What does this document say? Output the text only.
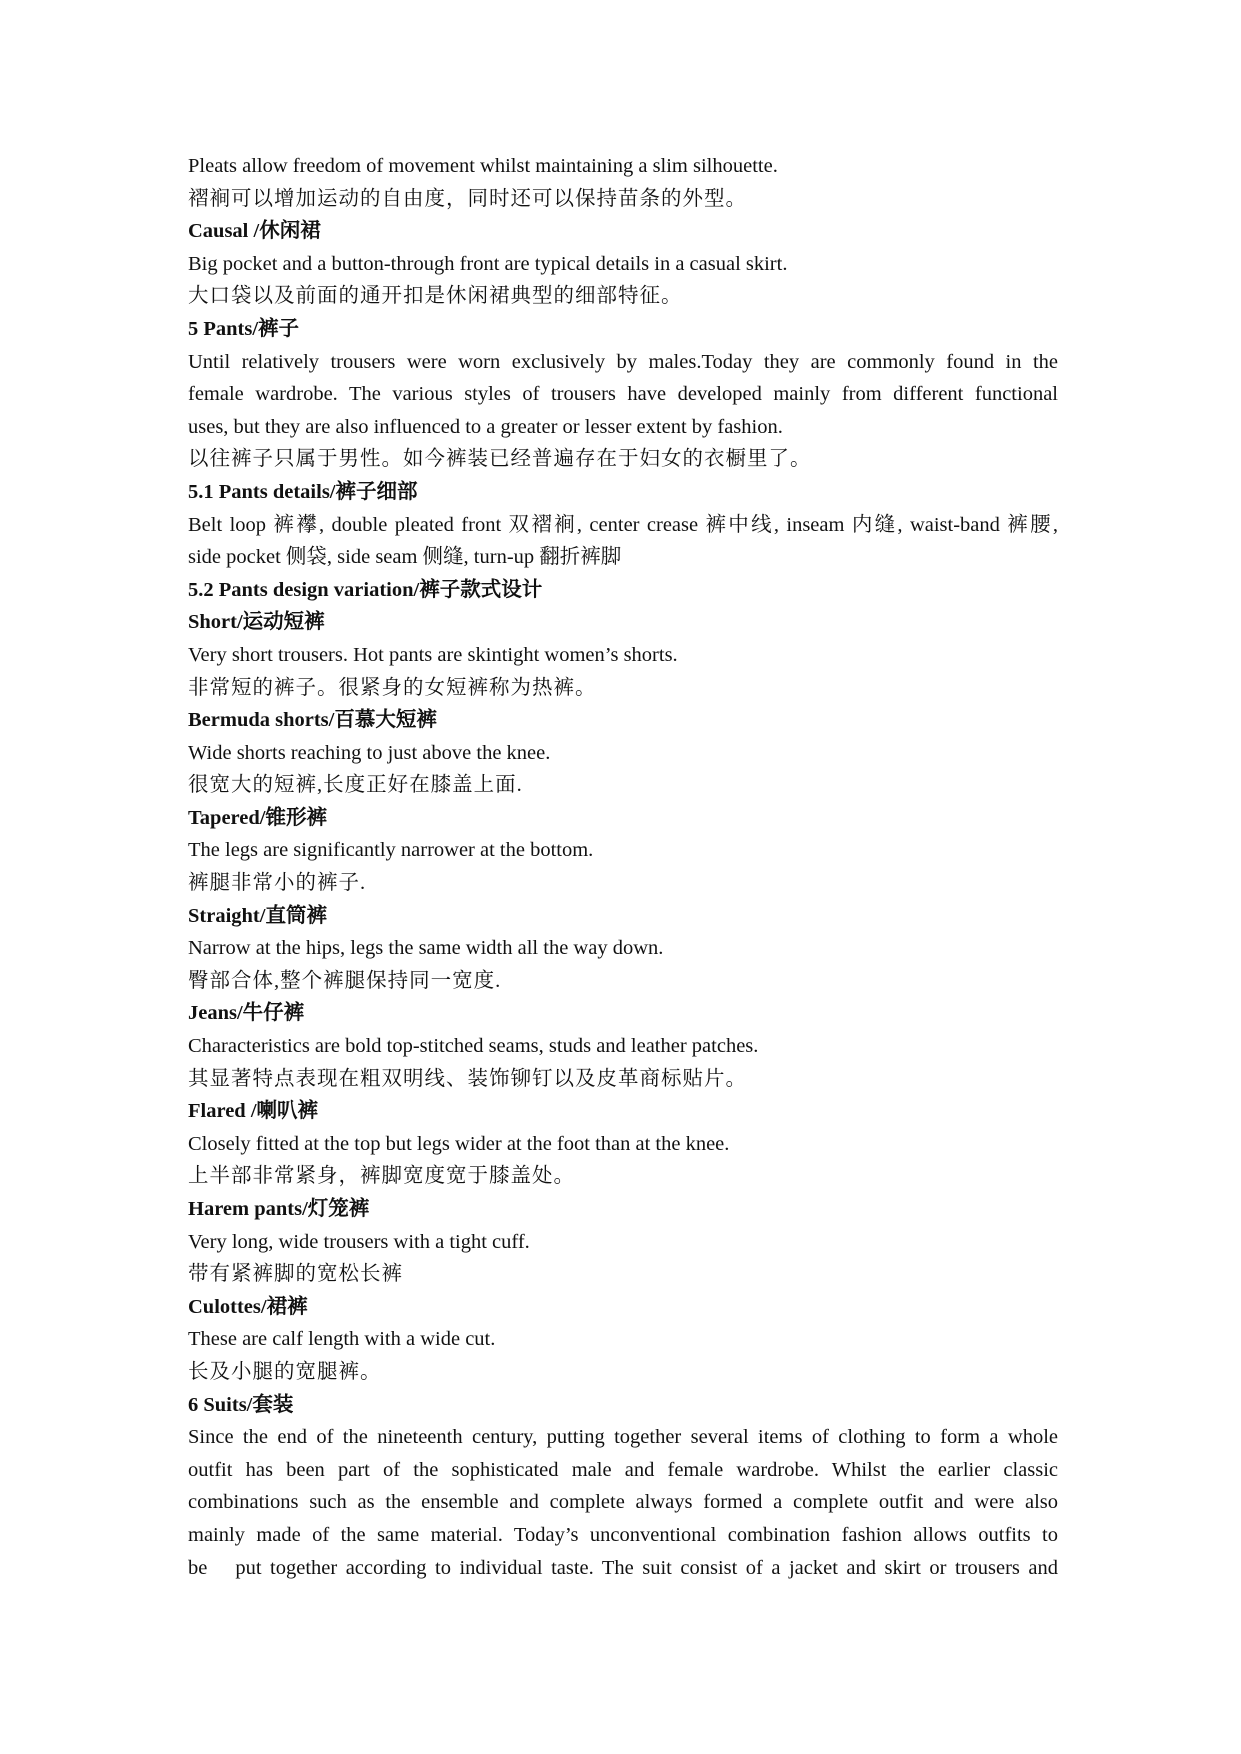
Pleats allow freedom of movement whilst maintaining a slim silhouette.
褶裥可以增加运动的自由度，同时还可以保持苗条的外型。
Causal /休闲裙
Big pocket and a button-through front are typical details in a casual skirt.
大口袋以及前面的通开扣是休闲裙典型的细部特征。
5 Pants/裤子
Until relatively trousers were worn exclusively by males.Today they are commonly found in the
female wardrobe. The various styles of trousers have developed mainly from different functional
uses, but they are also influenced to a greater or lesser extent by fashion.
以往裤子只属于男性。如今裤装已经普遍存在于妇女的衣橱里了。
5.1 Pants details/裤子细部
Belt loop 裤襻, double pleated front 双褶裥, center crease 裤中线, inseam 内缝, waist-band 裤腰,
side pocket 侧袋, side seam 侧缝, turn-up 翻折裤脚
5.2 Pants design variation/裤子款式设计
Short/运动短裤
Very short trousers. Hot pants are skintight women’s shorts.
非常短的裤子。很紧身的女短裤称为热裤。
Bermuda shorts/百慕大短裤
Wide shorts reaching to just above the knee.
很宽大的短裤,长度正好在膝盖上面.
Tapered/锥形裤
The legs are significantly narrower at the bottom.
裤腿非常小的裤子.
Straight/直筒裤
Narrow at the hips, legs the same width all the way down.
臀部合体,整个裤腿保持同一宽度.
Jeans/牛仔裤
Characteristics are bold top-stitched seams, studs and leather patches.
其显著特点表现在粗双明线、装饰铆钉以及皮革商标贴片。
Flared /喇叭裤
Closely fitted at the top but legs wider at the foot than at the knee.
上半部非常紧身，裤脚宽度宽于膝盖处。
Harem pants/灯笼裤
Very long, wide trousers with a tight cuff.
带有紧裤脚的宽松长裤
Culottes/裙裤
These are calf length with a wide cut.
长及小腿的宽腿裤。
6 Suits/套装
Since the end of the nineteenth century, putting together several items of clothing to form a whole
outfit has been part of the sophisticated male and female wardrobe. Whilst the earlier classic
combinations such as the ensemble and complete always formed a complete outfit and were also
mainly made of the same material. Today’s unconventional combination fashion allows outfits to
be put together according to individual taste. The suit consist of a jacket and skirt or trousers and
